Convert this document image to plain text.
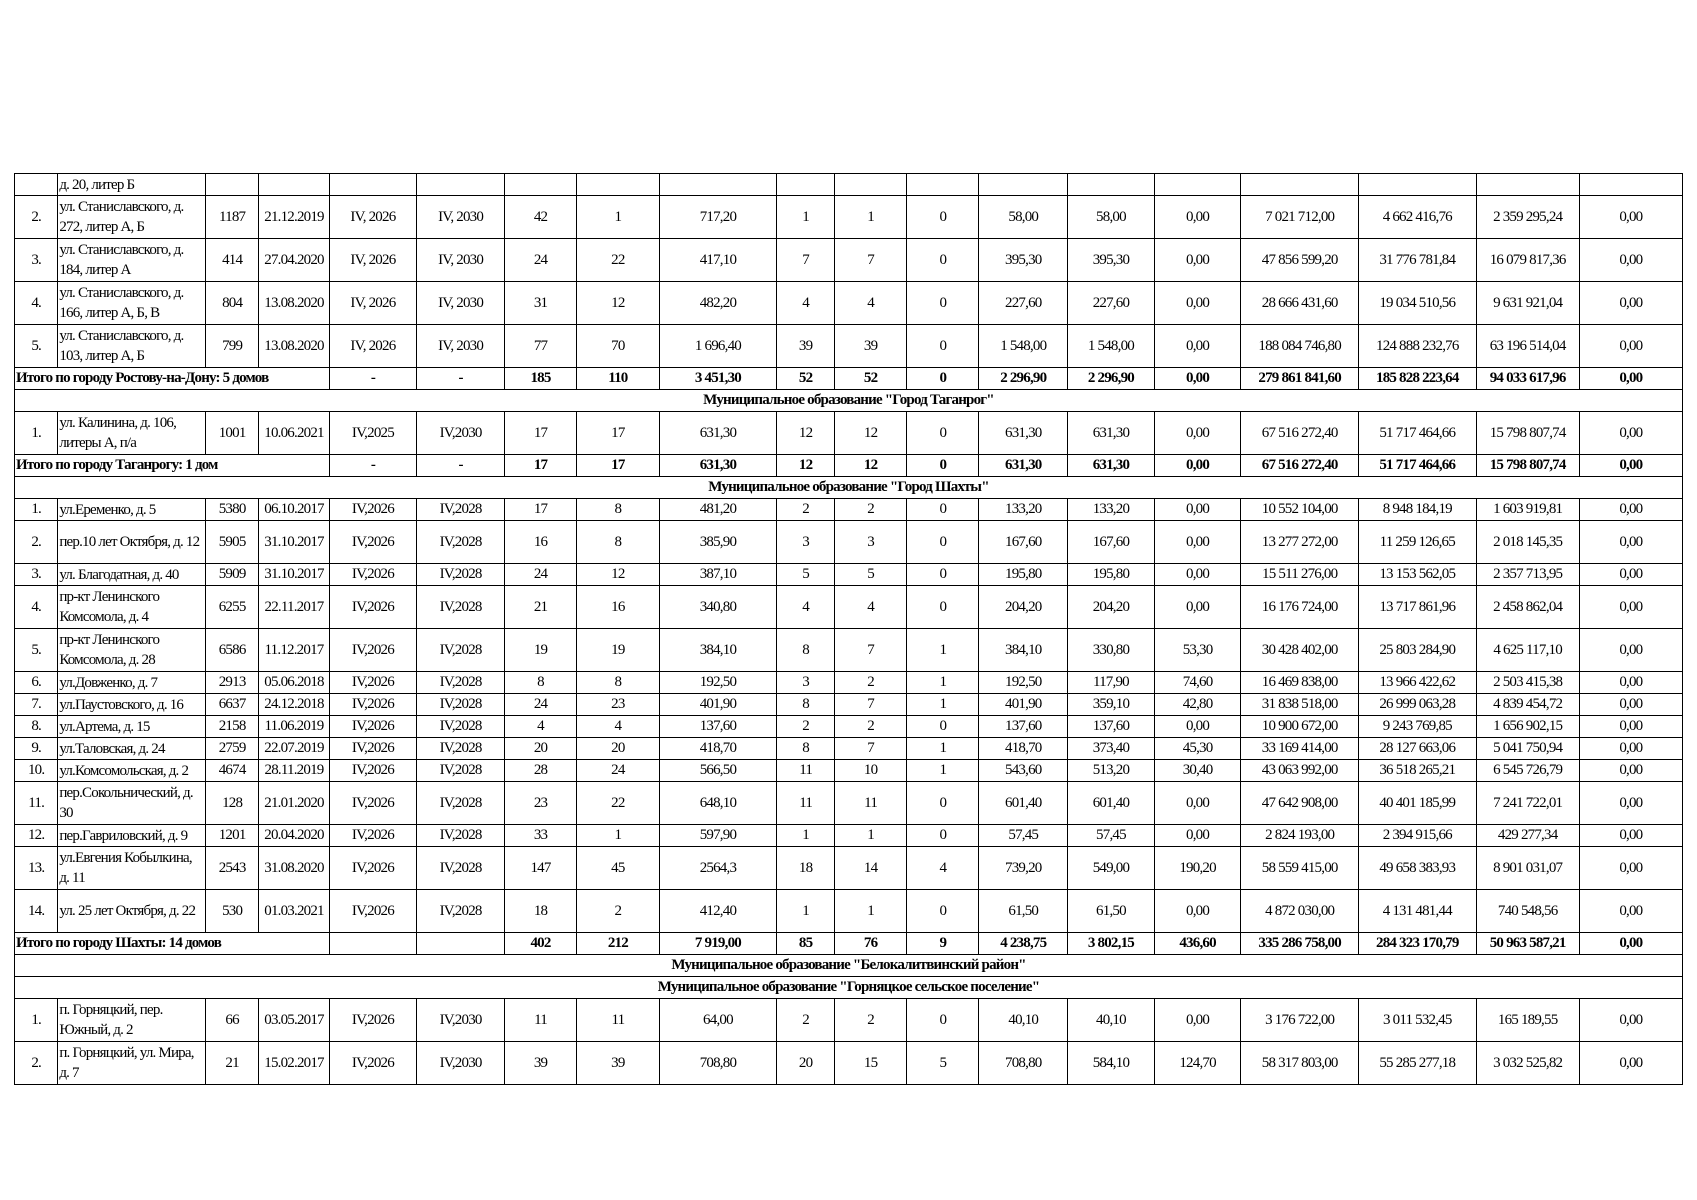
	д. 20, литер Б																	
2.	ул. Станиславского, д. 272, литер А, Б	1187	21.12.2019	IV, 2026	IV, 2030	42	1	717,20	1	1	0	58,00	58,00	0,00	7 021 712,00	4 662 416,76	2 359 295,24	0,00
3.	ул. Станиславского, д. 184, литер А	414	27.04.2020	IV, 2026	IV, 2030	24	22	417,10	7	7	0	395,30	395,30	0,00	47 856 599,20	31 776 781,84	16 079 817,36	0,00
4.	ул. Станиславского, д. 166, литер А, Б, В	804	13.08.2020	IV, 2026	IV, 2030	31	12	482,20	4	4	0	227,60	227,60	0,00	28 666 431,60	19 034 510,56	9 631 921,04	0,00
5.	ул. Станиславского, д. 103, литер А, Б	799	13.08.2020	IV, 2026	IV, 2030	77	70	1 696,40	39	39	0	1 548,00	1 548,00	0,00	188 084 746,80	124 888 232,76	63 196 514,04	0,00
Итого по городу Ростову-на-Дону: 5 домов				-	-	185	110	3 451,30	52	52	0	2 296,90	2 296,90	0,00	279 861 841,60	185 828 223,64	94 033 617,96	0,00
Муниципальное образование "Город Таганрог"																		
1.	ул. Калинина, д. 106, литеры А, п/а	1001	10.06.2021	IV,2025	IV,2030	17	17	631,30	12	12	0	631,30	631,30	0,00	67 516 272,40	51 717 464,66	15 798 807,74	0,00
Итого по городу Таганрогу: 1 дом				-	-	17	17	631,30	12	12	0	631,30	631,30	0,00	67 516 272,40	51 717 464,66	15 798 807,74	0,00
Муниципальное образование "Город Шахты"																		
1.	ул.Еременко, д. 5	5380	06.10.2017	IV,2026	IV,2028	17	8	481,20	2	2	0	133,20	133,20	0,00	10 552 104,00	8 948 184,19	1 603 919,81	0,00
2.	пер.10 лет Октября, д. 12	5905	31.10.2017	IV,2026	IV,2028	16	8	385,90	3	3	0	167,60	167,60	0,00	13 277 272,00	11 259 126,65	2 018 145,35	0,00
3.	ул. Благодатная, д. 40	5909	31.10.2017	IV,2026	IV,2028	24	12	387,10	5	5	0	195,80	195,80	0,00	15 511 276,00	13 153 562,05	2 357 713,95	0,00
4.	пр-кт Ленинского Комсомола, д. 4	6255	22.11.2017	IV,2026	IV,2028	21	16	340,80	4	4	0	204,20	204,20	0,00	16 176 724,00	13 717 861,96	2 458 862,04	0,00
5.	пр-кт Ленинского Комсомола, д. 28	6586	11.12.2017	IV,2026	IV,2028	19	19	384,10	8	7	1	384,10	330,80	53,30	30 428 402,00	25 803 284,90	4 625 117,10	0,00
6.	ул.Довженко, д. 7	2913	05.06.2018	IV,2026	IV,2028	8	8	192,50	3	2	1	192,50	117,90	74,60	16 469 838,00	13 966 422,62	2 503 415,38	0,00
7.	ул.Паустовского, д. 16	6637	24.12.2018	IV,2026	IV,2028	24	23	401,90	8	7	1	401,90	359,10	42,80	31 838 518,00	26 999 063,28	4 839 454,72	0,00
8.	ул.Артема, д. 15	2158	11.06.2019	IV,2026	IV,2028	4	4	137,60	2	2	0	137,60	137,60	0,00	10 900 672,00	9 243 769,85	1 656 902,15	0,00
9.	ул.Таловская, д. 24	2759	22.07.2019	IV,2026	IV,2028	20	20	418,70	8	7	1	418,70	373,40	45,30	33 169 414,00	28 127 663,06	5 041 750,94	0,00
10.	ул.Комсомольская, д. 2	4674	28.11.2019	IV,2026	IV,2028	28	24	566,50	11	10	1	543,60	513,20	30,40	43 063 992,00	36 518 265,21	6 545 726,79	0,00
11.	пер.Сокольнический, д. 30	128	21.01.2020	IV,2026	IV,2028	23	22	648,10	11	11	0	601,40	601,40	0,00	47 642 908,00	40 401 185,99	7 241 722,01	0,00
12.	пер.Гавриловский, д. 9	1201	20.04.2020	IV,2026	IV,2028	33	1	597,90	1	1	0	57,45	57,45	0,00	2 824 193,00	2 394 915,66	429 277,34	0,00
13.	ул.Евгения Кобылкина, д. 11	2543	31.08.2020	IV,2026	IV,2028	147	45	2564,3	18	14	4	739,20	549,00	190,20	58 559 415,00	49 658 383,93	8 901 031,07	0,00
14.	ул. 25 лет Октября, д. 22	530	01.03.2021	IV,2026	IV,2028	18	2	412,40	1	1	0	61,50	61,50	0,00	4 872 030,00	4 131 481,44	740 548,56	0,00
Итого по городу Шахты: 14 домов						402	212	7 919,00	85	76	9	4 238,75	3 802,15	436,60	335 286 758,00	284 323 170,79	50 963 587,21	0,00
Муниципальное образование "Белокалитвинский район"																		
Муниципальное образование "Горняцкое сельское поселение"																		
1.	п. Горняцкий, пер. Южный, д. 2	66	03.05.2017	IV,2026	IV,2030	11	11	64,00	2	2	0	40,10	40,10	0,00	3 176 722,00	3 011 532,45	165 189,55	0,00
2.	п. Горняцкий, ул. Мира, д. 7	21	15.02.2017	IV,2026	IV,2030	39	39	708,80	20	15	5	708,80	584,10	124,70	58 317 803,00	55 285 277,18	3 032 525,82	0,00
